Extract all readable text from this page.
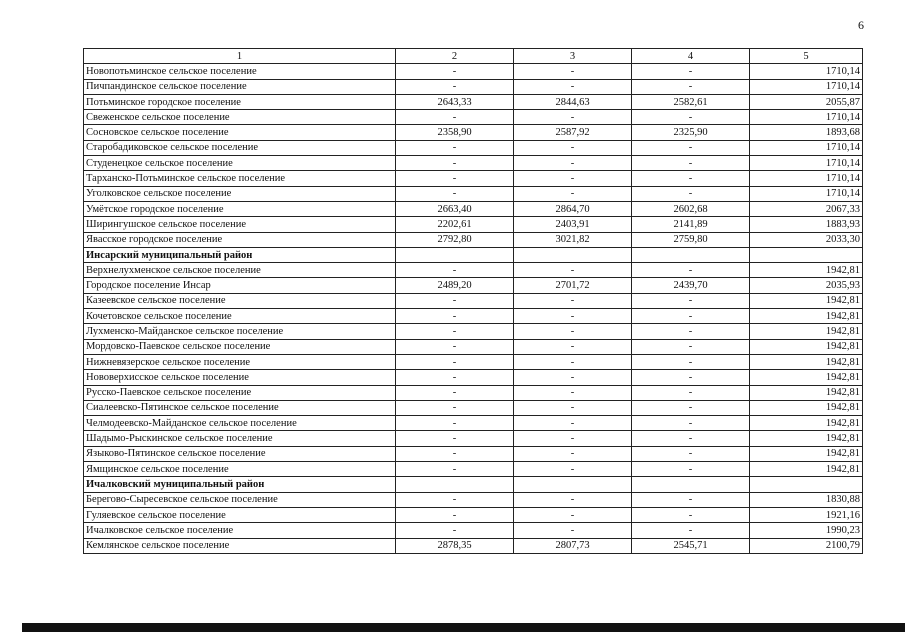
6
1	2	3	4	5
Новопотьминское сельское поселение	-	-	-	1710,14
Пичпандинское сельское поселение	-	-	-	1710,14
Потьминское городское поселение	2643,33	2844,63	2582,61	2055,87
Свеженское сельское поселение	-	-	-	1710,14
Сосновское сельское поселение	2358,90	2587,92	2325,90	1893,68
Старобадиковское сельское поселение	-	-	-	1710,14
Студенецкое сельское поселение	-	-	-	1710,14
Тарханско-Потьминское сельское поселение	-	-	-	1710,14
Уголковское сельское поселение	-	-	-	1710,14
Умётское городское поселение	2663,40	2864,70	2602,68	2067,33
Ширингушское сельское поселение	2202,61	2403,91	2141,89	1883,93
Явасское городское поселение	2792,80	3021,82	2759,80	2033,30
Инсарский муниципальный район				
Верхнелухменское сельское поселение	-	-	-	1942,81
Городское поселение Инсар	2489,20	2701,72	2439,70	2035,93
Казеевское сельское поселение	-	-	-	1942,81
Кочетовское сельское поселение	-	-	-	1942,81
Лухменско-Майданское сельское поселение	-	-	-	1942,81
Мордовско-Паевское сельское поселение	-	-	-	1942,81
Нижневязерское сельское поселение	-	-	-	1942,81
Нововерхисское сельское поселение	-	-	-	1942,81
Русско-Паевское сельское поселение	-	-	-	1942,81
Сиалеевско-Пятинское сельское поселение	-	-	-	1942,81
Челмодеевско-Майданское сельское поселение	-	-	-	1942,81
Шадымо-Рыскинское сельское поселение	-	-	-	1942,81
Языково-Пятинское сельское поселение	-	-	-	1942,81
Ямщинское сельское поселение	-	-	-	1942,81
Ичалковский муниципальный район				
Берегово-Сыресевское сельское поселение	-	-	-	1830,88
Гуляевское сельское поселение	-	-	-	1921,16
Ичалковское сельское поселение	-	-	-	1990,23
Кемлянское сельское поселение	2878,35	2807,73	2545,71	2100,79
